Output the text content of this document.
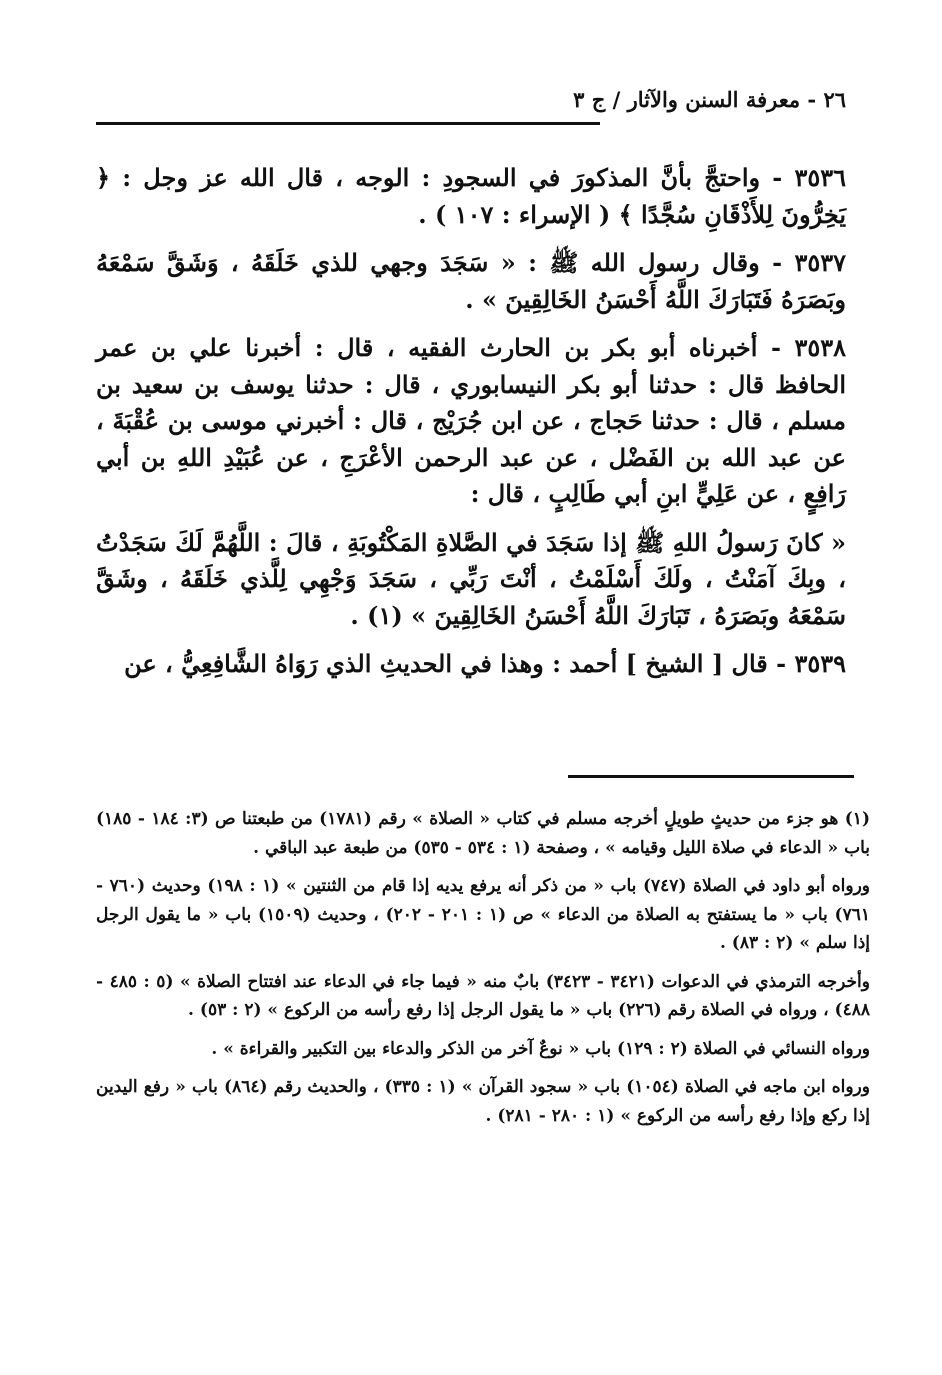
٢٦ - معرفة السنن والآثار / ج ٣

٣٥٣٦ - واحتجَّ بأنَّ المذكورَ في السجودِ : الوجه ، قال الله عز وجل : ﴿ يَخِرُّونَ لِلأَذْقَانِ سُجَّدًا ﴾ ( الإسراء : ١٠٧ ) .

٣٥٣٧ - وقال رسول الله ﷺ : « سَجَدَ وجهي للذي خَلَقَهُ ، وَشَقَّ سَمْعَهُ وبَصَرَهُ فَتَبَارَكَ اللَّهُ أَحْسَنُ الخَالِقِينَ » .

٣٥٣٨ - أخبرناه أبو بكر بن الحارث الفقيه ، قال : أخبرنا علي بن عمر الحافظ قال : حدثنا أبو بكر النيسابوري ، قال : حدثنا يوسف بن سعيد بن مسلم ، قال : حدثنا حَجاج ، عن ابن جُرَيْج ، قال : أخبرني موسى بن عُقْبَةَ ، عن عبد الله بن الفَضْل ، عن عبد الرحمن الأعْرَجِ ، عن عُبَيْدِ اللهِ بن أبي رَافِعٍ ، عن عَلِيٍّ ابنِ أبي طَالِبٍ ، قال :

« كانَ رَسولُ اللهِ ﷺ إذا سَجَدَ في الصَّلاةِ المَكْتُوبَةِ ، قالَ : اللَّهُمَّ لَكَ سَجَدْتُ ، وبِكَ آمَنْتُ ، ولَكَ أَسْلَمْتُ ، أنْتَ رَبِّي ، سَجَدَ وَجْهِي لِلَّذي خَلَقَهُ ، وشَقَّ سَمْعَهُ وبَصَرَهُ ، تَبَارَكَ اللَّهُ أَحْسَنُ الخَالِقِينَ » (١) .

٣٥٣٩ - قال [ الشيخ ] أحمد : وهذا في الحديثِ الذي رَوَاهُ الشَّافِعِيُّ ، عن

(١) هو جزء من حديثٍ طويلٍ أخرجه مسلم في كتاب « الصلاة » رقم (١٧٨١) من طبعتنا ص (٣: ١٨٤ - ١٨٥) باب « الدعاء في صلاة الليل وقيامه » ، وصفحة (١ : ٥٣٤ - ٥٣٥) من طبعة عبد الباقي .

ورواه أبو داود في الصلاة (٧٤٧) باب « من ذكر أنه يرفع يديه إذا قام من الثنتين » (١ : ١٩٨) وحديث (٧٦٠ - ٧٦١) باب « ما يستفتح به الصلاة من الدعاء » ص (١ : ٢٠١ - ٢٠٢) ، وحديث (١٥٠٩) باب « ما يقول الرجل إذا سلم » (٢ : ٨٣) .

وأخرجه الترمذي في الدعوات (٣٤٢١ - ٣٤٢٣) بابٌ منه « فيما جاء في الدعاء عند افتتاح الصلاة » (٥ : ٤٨٥ - ٤٨٨) ، ورواه في الصلاة رقم (٢٢٦) باب « ما يقول الرجل إذا رفع رأسه من الركوع » (٢ : ٥٣) .

ورواه النسائي في الصلاة (٢ : ١٢٩) باب « نوعٌ آخر من الذكر والدعاء بين التكبير والقراءة » .

ورواه ابن ماجه في الصلاة (١٠٥٤) باب « سجود القرآن » (١ : ٣٣٥) ، والحديث رقم (٨٦٤) باب « رفع اليدين إذا ركع وإذا رفع رأسه من الركوع » (١ : ٢٨٠ - ٢٨١) .
